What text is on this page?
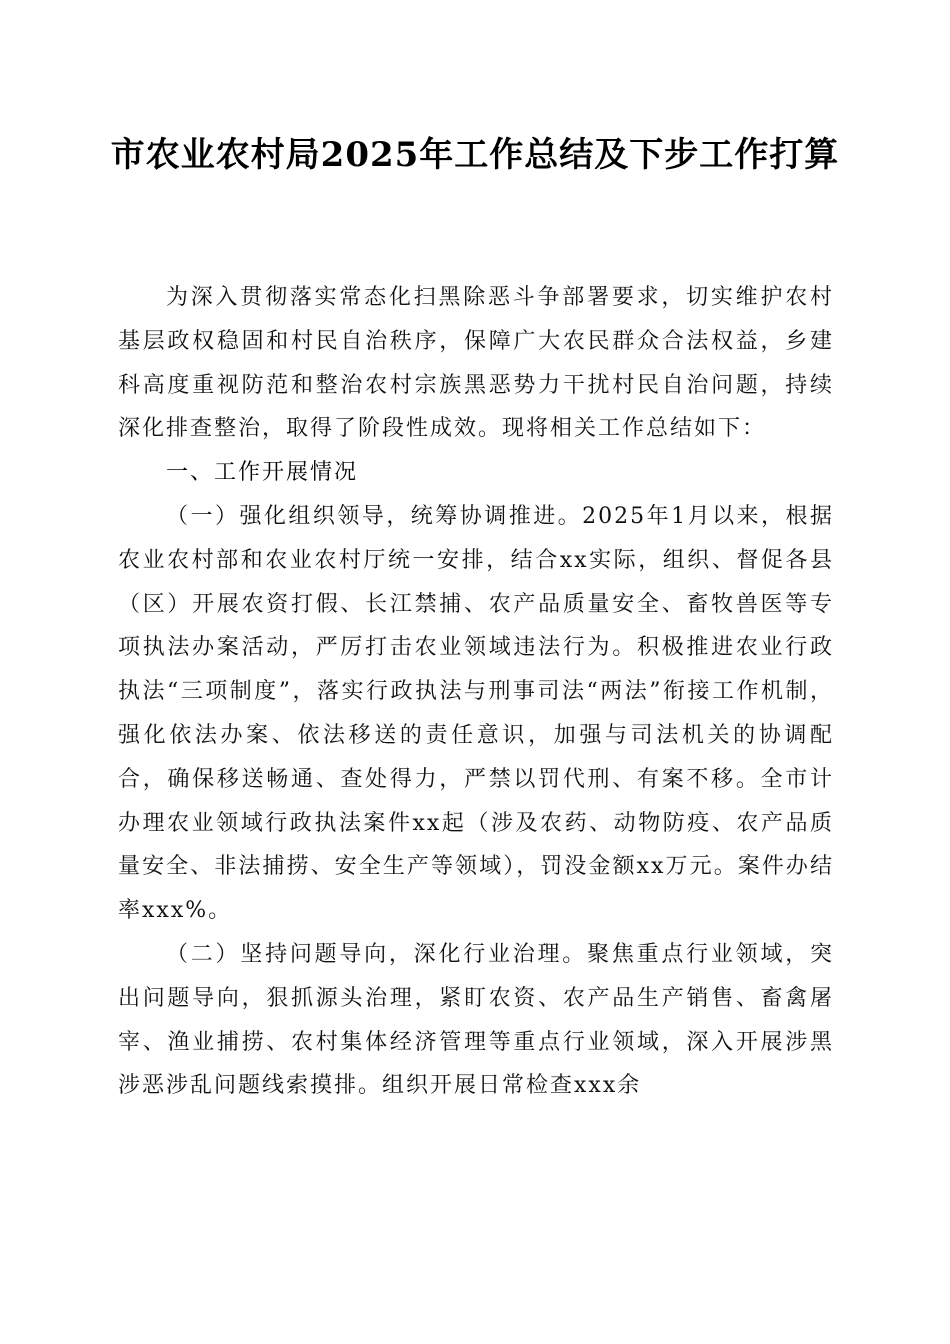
市农业农村局2025年工作总结及下步工作打算

为深入贯彻落实常态化扫黑除恶斗争部署要求，切实维护农村基层政权稳固和村民自治秩序，保障广大农民群众合法权益，乡建科高度重视防范和整治农村宗族黑恶势力干扰村民自治问题，持续深化排查整治，取得了阶段性成效。现将相关工作总结如下：

一、工作开展情况

（一）强化组织领导，统筹协调推进。2025年1月以来，根据农业农村部和农业农村厅统一安排，结合xx实际，组织、督促各县（区）开展农资打假、长江禁捕、农产品质量安全、畜牧兽医等专项执法办案活动，严厉打击农业领域违法行为。积极推进农业行政执法“三项制度”，落实行政执法与刑事司法“两法”衔接工作机制，强化依法办案、依法移送的责任意识，加强与司法机关的协调配合，确保移送畅通、查处得力，严禁以罚代刑、有案不移。全市计办理农业领域行政执法案件xx起（涉及农药、动物防疫、农产品质量安全、非法捕捞、安全生产等领域），罚没金额xx万元。案件办结率xxx%。

（二）坚持问题导向，深化行业治理。聚焦重点行业领域，突出问题导向，狠抓源头治理，紧盯农资、农产品生产销售、畜禽屠宰、渔业捕捞、农村集体经济管理等重点行业领域，深入开展涉黑涉恶涉乱问题线索摸排。组织开展日常检查xxx余
